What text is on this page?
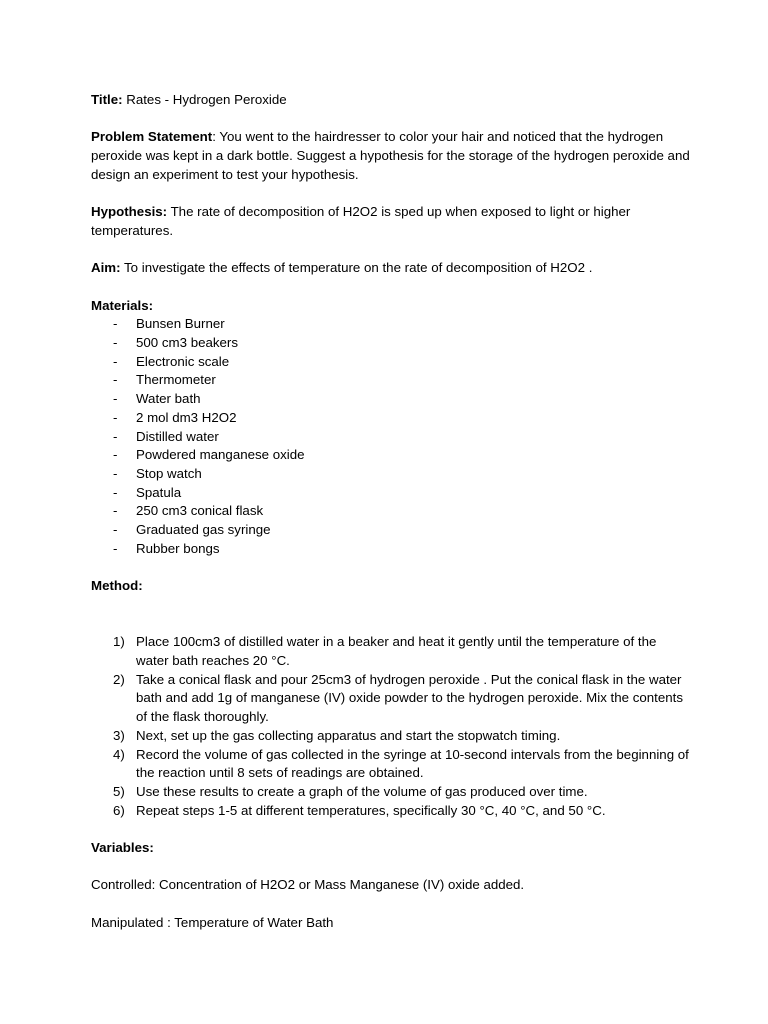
Title: Rates - Hydrogen Peroxide

Problem Statement: You went to the hairdresser to color your hair and noticed that the hydrogen peroxide was kept in a dark bottle. Suggest a hypothesis for the storage of the hydrogen peroxide and design an experiment to test your hypothesis.

Hypothesis: The rate of decomposition of H2O2 is sped up when exposed to light or higher temperatures.

Aim: To investigate the effects of temperature on the rate of decomposition of H2O2 .

Materials:

- Bunsen Burner
- 500 cm3 beakers
- Electronic scale
- Thermometer
- Water bath
- 2 mol dm3 H2O2
- Distilled water
- Powdered manganese oxide
- Stop watch
- Spatula
- 250 cm3 conical flask
- Graduated gas syringe
- Rubber bongs

Method:

1) Place 100cm3 of distilled water in a beaker and heat it gently until the temperature of the water bath reaches 20 °C.
2) Take a conical flask and pour 25cm3 of hydrogen peroxide . Put the conical flask in the water bath and add 1g of manganese (IV) oxide powder to the hydrogen peroxide. Mix the contents of the flask thoroughly.
3) Next, set up the gas collecting apparatus and start the stopwatch timing.
4) Record the volume of gas collected in the syringe at 10-second intervals from the beginning of the reaction until 8 sets of readings are obtained.
5) Use these results to create a graph of the volume of gas produced over time.
6) Repeat steps 1-5 at different temperatures, specifically 30 °C, 40 °C, and 50 °C.

Variables:

Controlled: Concentration of H2O2 or Mass Manganese (IV) oxide added.

Manipulated : Temperature of Water Bath
